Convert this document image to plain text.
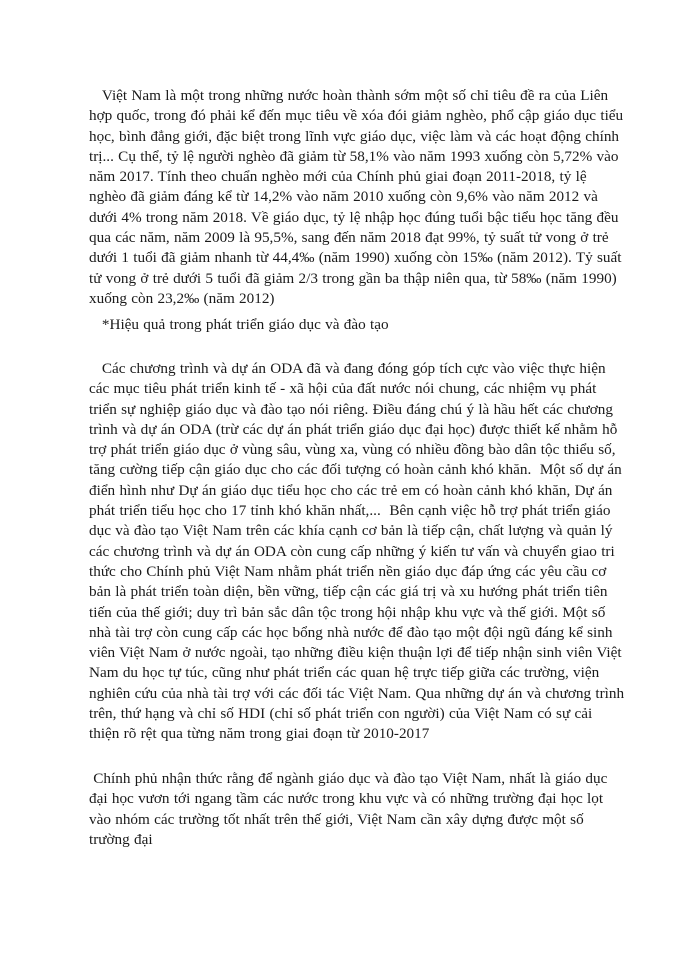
Việt Nam là một trong những nước hoàn thành sớm một số chỉ tiêu đề ra của Liên hợp quốc, trong đó phải kể đến mục tiêu về xóa đói giảm nghèo, phổ cập giáo dục tiểu học, bình đẳng giới, đặc biệt trong lĩnh vực giáo dục, việc làm và các hoạt động chính trị... Cụ thể, tỷ lệ người nghèo đã giảm từ 58,1% vào năm 1993 xuống còn 5,72% vào năm 2017. Tính theo chuẩn nghèo mới của Chính phủ giai đoạn 2011-2018, tỷ lệ nghèo đã giảm đáng kể từ 14,2% vào năm 2010 xuống còn 9,6% vào năm 2012 và dưới 4% trong năm 2018. Về giáo dục, tỷ lệ nhập học đúng tuổi bậc tiểu học tăng đều qua các năm, năm 2009 là 95,5%, sang đến năm 2018 đạt 99%, tỷ suất tử vong ở trẻ dưới 1 tuổi đã giảm nhanh từ 44,4‰ (năm 1990) xuống còn 15‰ (năm 2012). Tỷ suất tử vong ở trẻ dưới 5 tuổi đã giảm 2/3 trong gần ba thập niên qua, từ 58‰ (năm 1990) xuống còn 23,2‰ (năm 2012)

*Hiệu quả trong phát triển giáo dục và đào tạo

Các chương trình và dự án ODA đã và đang đóng góp tích cực vào việc thực hiện các mục tiêu phát triển kinh tế - xã hội của đất nước nói chung, các nhiệm vụ phát triển sự nghiệp giáo dục và đào tạo nói riêng. Điều đáng chú ý là hầu hết các chương trình và dự án ODA (trừ các dự án phát triển giáo dục đại học) được thiết kế nhằm hỗ trợ phát triển giáo dục ở vùng sâu, vùng xa, vùng có nhiều đồng bào dân tộc thiểu số, tăng cường tiếp cận giáo dục cho các đối tượng có hoàn cảnh khó khăn.  Một số dự án điển hình như Dự án giáo dục tiểu học cho các trẻ em có hoàn cảnh khó khăn, Dự án phát triển tiểu học cho 17 tỉnh khó khăn nhất,...  Bên cạnh việc hỗ trợ phát triển giáo dục và đào tạo Việt Nam trên các khía cạnh cơ bản là tiếp cận, chất lượng và quản lý các chương trình và dự án ODA còn cung cấp những ý kiến tư vấn và chuyển giao tri thức cho Chính phủ Việt Nam nhằm phát triển nền giáo dục đáp ứng các yêu cầu cơ bản là phát triển toàn diện, bền vững, tiếp cận các giá trị và xu hướng phát triển tiên tiến của thế giới; duy trì bản sắc dân tộc trong hội nhập khu vực và thế giới. Một số nhà tài trợ còn cung cấp các học bổng nhà nước để đào tạo một đội ngũ đáng kể sinh viên Việt Nam ở nước ngoài, tạo những điều kiện thuận lợi để tiếp nhận sinh viên Việt Nam du học tự túc, cũng như phát triển các quan hệ trực tiếp giữa các trường, viện nghiên cứu của nhà tài trợ với các đối tác Việt Nam. Qua những dự án và chương trình trên, thứ hạng và chỉ số HDI (chỉ số phát triển con người) của Việt Nam có sự cải thiện rõ rệt qua từng năm trong giai đoạn từ 2010-2017

Chính phủ nhận thức rằng để ngành giáo dục và đào tạo Việt Nam, nhất là giáo dục đại học vươn tới ngang tầm các nước trong khu vực và có những trường đại học lọt vào nhóm các trường tốt nhất trên thế giới, Việt Nam cần xây dựng được một số trường đại
